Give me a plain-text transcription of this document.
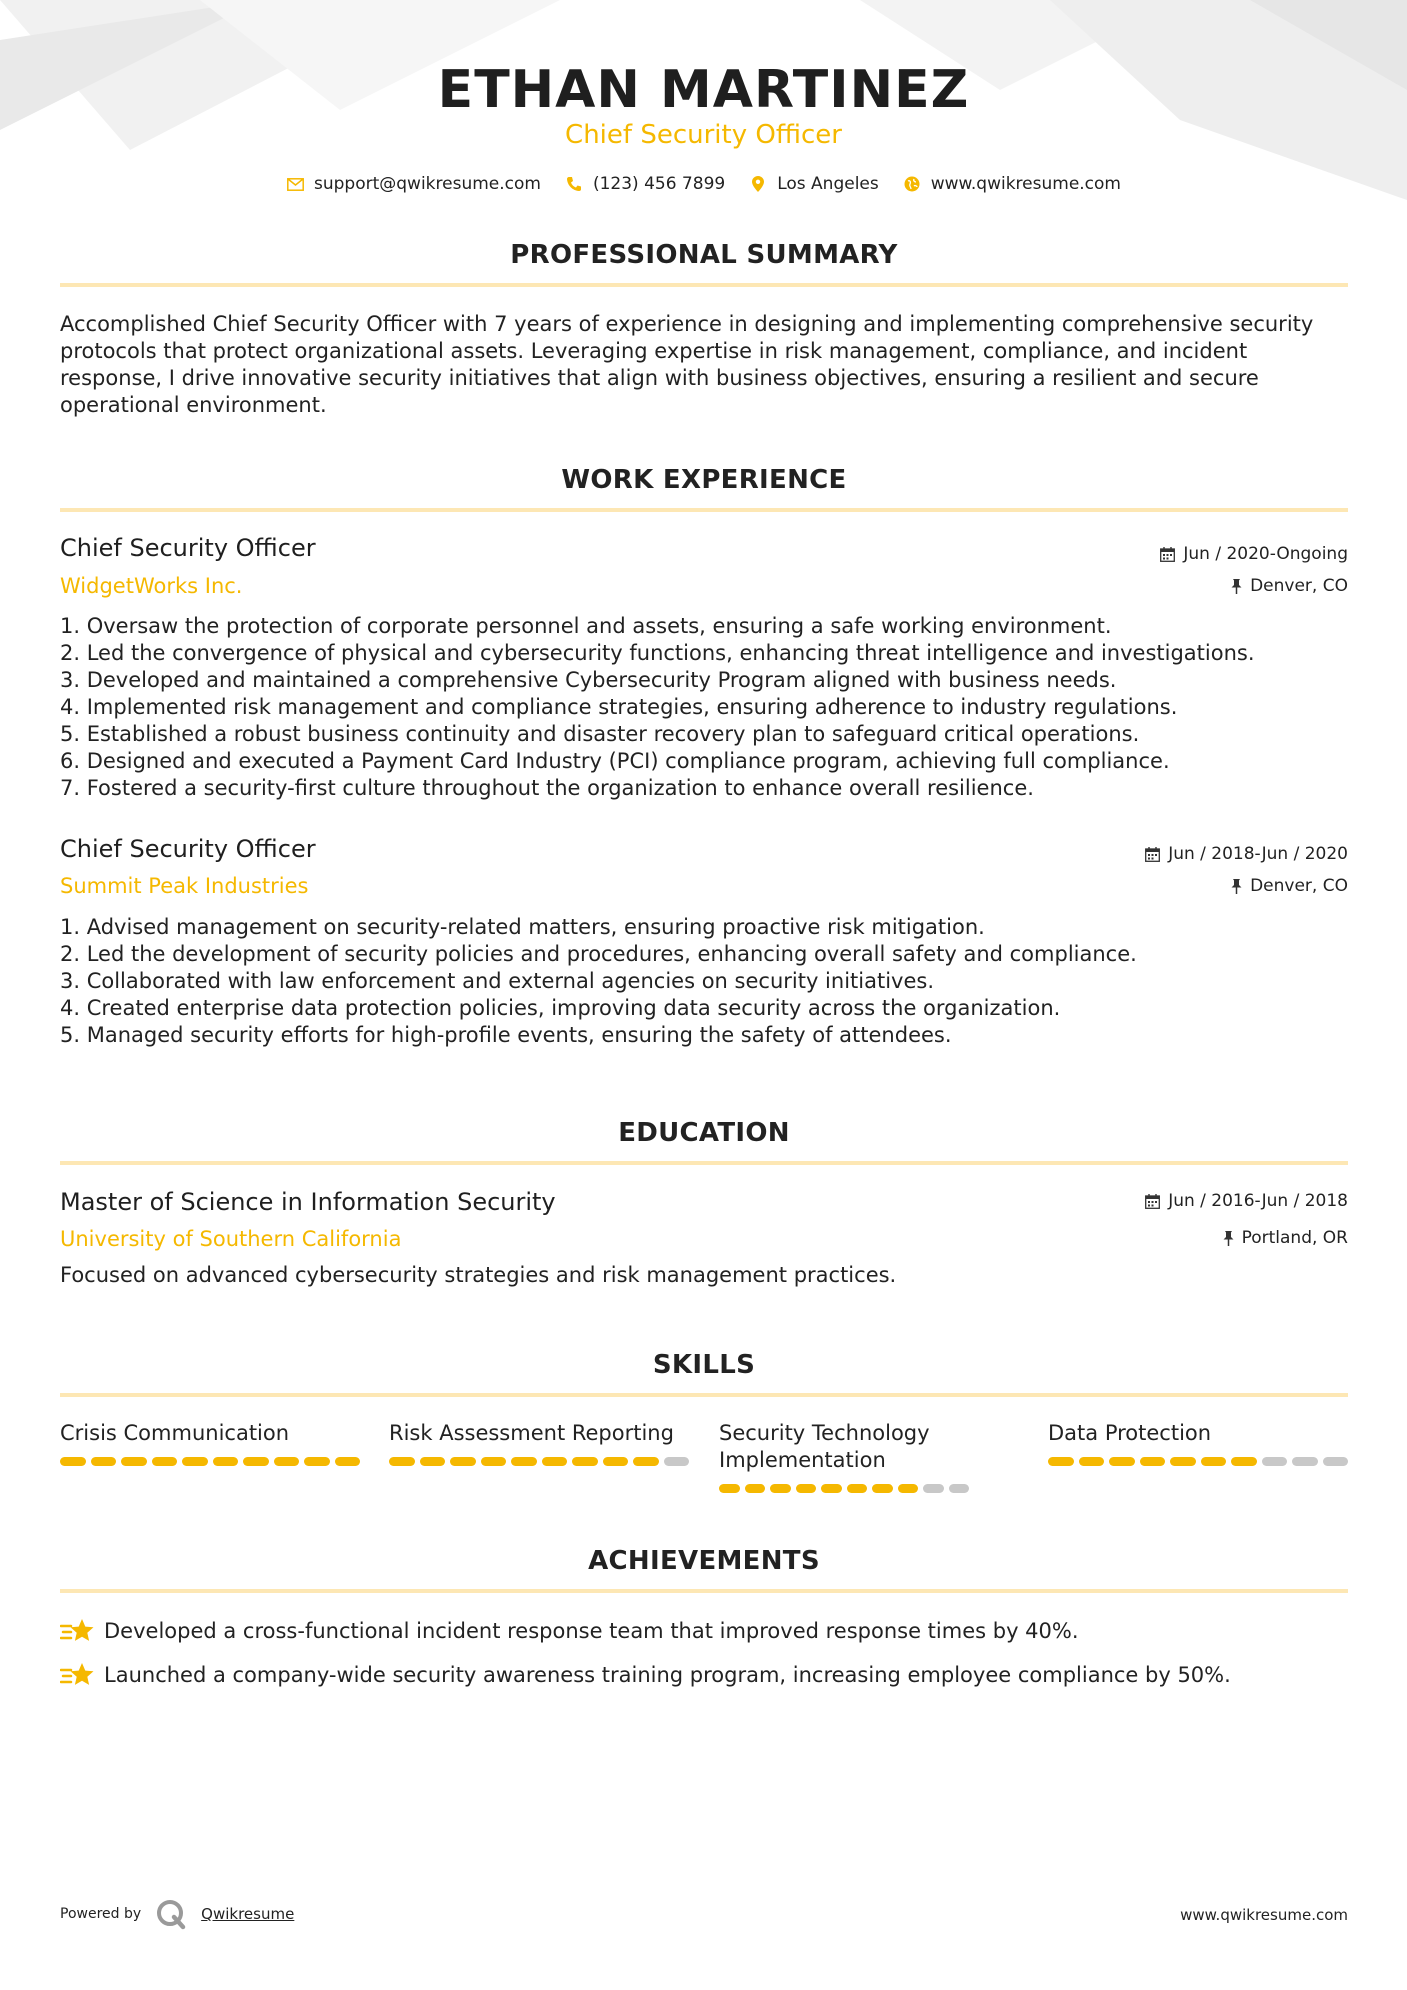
ETHAN MARTINEZ
Chief Security Officer
support@qwikresume.com	(123) 456 7899	Los Angeles	www.qwikresume.com
PROFESSIONAL SUMMARY

Accomplished Chief Security Officer with 7 years of experience in designing and implementing comprehensive security protocols that protect organizational assets. Leveraging expertise in risk management, compliance, and incident response, I drive innovative security initiatives that align with business objectives, ensuring a resilient and secure operational environment.

WORK EXPERIENCE
Chief Security Officer
WidgetWorks Inc.
Jun / 2020-Ongoing
Denver, CO
1. Oversaw the protection of corporate personnel and assets, ensuring a safe working environment.
2. Led the convergence of physical and cybersecurity functions, enhancing threat intelligence and investigations.
3. Developed and maintained a comprehensive Cybersecurity Program aligned with business needs.
4. Implemented risk management and compliance strategies, ensuring adherence to industry regulations.
5. Established a robust business continuity and disaster recovery plan to safeguard critical operations.
6. Designed and executed a Payment Card Industry (PCI) compliance program, achieving full compliance.
7. Fostered a security-first culture throughout the organization to enhance overall resilience.
Chief Security Officer
Summit Peak Industries
Jun / 2018-Jun / 2020
Denver, CO
1. Advised management on security-related matters, ensuring proactive risk mitigation.
2. Led the development of security policies and procedures, enhancing overall safety and compliance.
3. Collaborated with law enforcement and external agencies on security initiatives.
4. Created enterprise data protection policies, improving data security across the organization.
5. Managed security efforts for high-profile events, ensuring the safety of attendees.
EDUCATION
Master of Science in Information Security
University of Southern California
Jun / 2016-Jun / 2018
Portland, OR

Focused on advanced cybersecurity strategies and risk management practices.

SKILLS
Crisis Communication	Risk Assessment Reporting	Security Technology Implementation
Data Protection
ACHIEVEMENTS
Developed a cross-functional incident response team that improved response times by 40%.
Launched a company-wide security awareness training program, increasing employee compliance by 50%.
Powered by	Qwikresume	www.qwikresume.com
